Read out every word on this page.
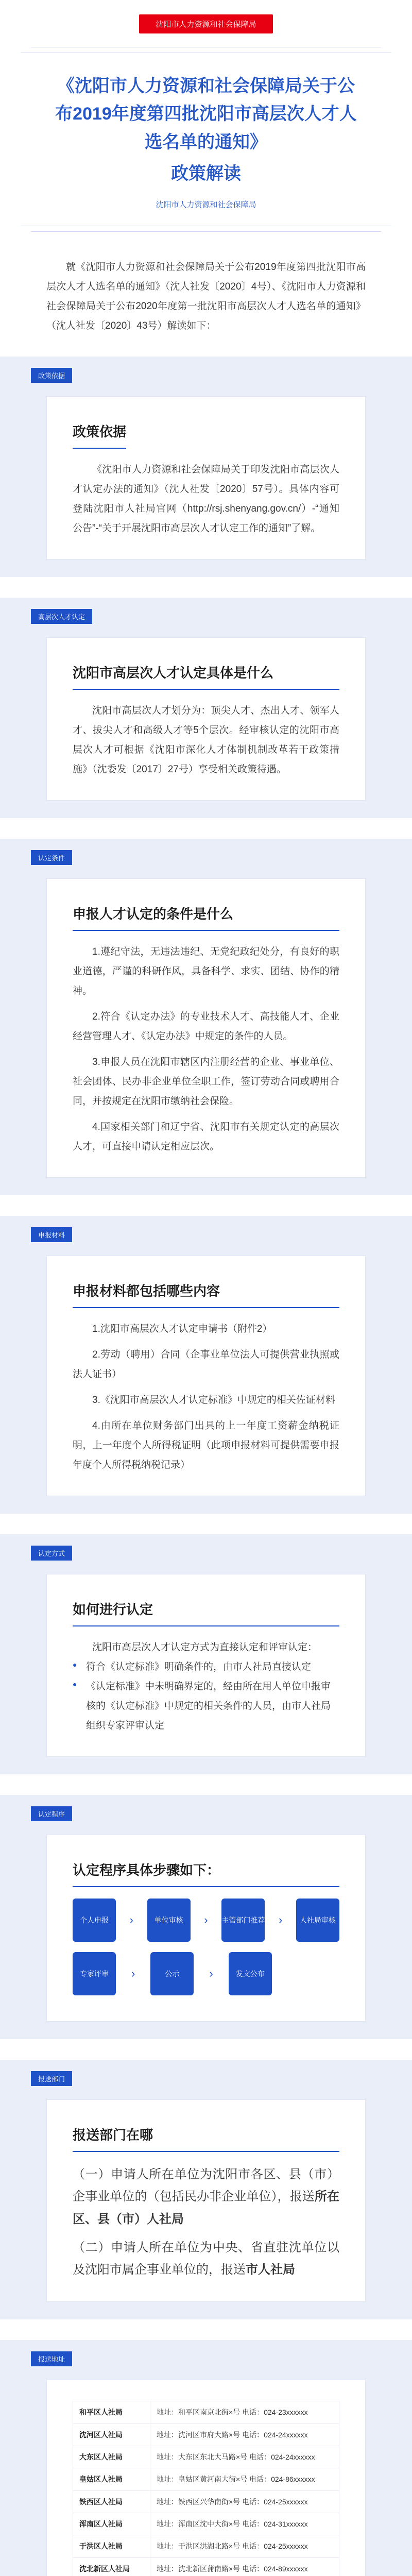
沈阳市人力资源和社会保障局
《沈阳市人力资源和社会保障局关于公布2019年度第四批沈阳市高层次人才人选名单的通知》
政策解读
沈阳市人力资源和社会保障局

就《沈阳市人力资源和社会保障局关于公布2019年度第四批沈阳市高层次人才人选名单的通知》（沈人社发〔2020〕4号）、《沈阳市人力资源和社会保障局关于公布2020年度第一批沈阳市高层次人才人选名单的通知》（沈人社发〔2020〕43号）解读如下：

政策依据
政策依据

《沈阳市人力资源和社会保障局关于印发沈阳市高层次人才认定办法的通知》（沈人社发〔2020〕57号）。具体内容可登陆沈阳市人社局官网（http://rsj.shenyang.gov.cn/）-“通知公告”-“关于开展沈阳市高层次人才认定工作的通知”了解。

高层次人才认定
沈阳市高层次人才认定具体是什么

沈阳市高层次人才划分为：顶尖人才、杰出人才、领军人才、拔尖人才和高级人才等5个层次。经审核认定的沈阳市高层次人才可根据《沈阳市深化人才体制机制改革若干政策措施》（沈委发〔2017〕27号）享受相关政策待遇。

认定条件
申报人才认定的条件是什么

1.遵纪守法，无违法违纪、无党纪政纪处分，有良好的职业道德，严谨的科研作风，具备科学、求实、团结、协作的精神。

2.符合《认定办法》的专业技术人才、高技能人才、企业经营管理人才、《认定办法》中规定的条件的人员。

3.申报人员在沈阳市辖区内注册经营的企业、事业单位、社会团体、民办非企业单位全职工作，签订劳动合同或聘用合同，并按规定在沈阳市缴纳社会保险。

4.国家相关部门和辽宁省、沈阳市有关规定认定的高层次人才，可直接申请认定相应层次。

申报材料
申报材料都包括哪些内容

1.沈阳市高层次人才认定申请书（附件2）

2.劳动（聘用）合同（企事业单位法人可提供营业执照或法人证书）

3.《沈阳市高层次人才认定标准》中规定的相关佐证材料

4.由所在单位财务部门出具的上一年度工资薪金纳税证明，上一年度个人所得税证明（此项申报材料可提供需要申报年度个人所得税纳税记录）

认定方式
如何进行认定

沈阳市高层次人才认定方式为直接认定和评审认定：

● 符合《认定标准》明确条件的，由市人社局直接认定
● 《认定标准》中未明确界定的，经由所在用人单位申报审核的《认定标准》中规定的相关条件的人员，由市人社局组织专家评审认定
认定程序
认定程序具体步骤如下：
个人申报	›	单位审核	› 主管部门推荐 ›	人社局审核
专家评审	›	公示	›	发文公布
报送部门
报送部门在哪

（一）申请人所在单位为沈阳市各区、县（市）企事业单位的（包括民办非企业单位），报送所在区、县（市）人社局

（二）申请人所在单位为中央、省直驻沈单位以及沈阳市属企事业单位的，报送市人社局

报送地址
和平区人社局	地址：和平区南京北街×号 电话：024-23xxxxxx
沈河区人社局	地址：沈河区市府大路×号 电话：024-24xxxxxx
大东区人社局	地址：大东区东北大马路×号 电话：024-24xxxxxx
皇姑区人社局	地址：皇姑区黄河南大街×号 电话：024-86xxxxxx
铁西区人社局	地址：铁西区兴华南街×号 电话：024-25xxxxxx
浑南区人社局	地址：浑南区沈中大街×号 电话：024-31xxxxxx
于洪区人社局	地址：于洪区洪湖北路×号 电话：024-25xxxxxx
沈北新区人社局	地址：沈北新区蒲南路×号 电话：024-89xxxxxx
